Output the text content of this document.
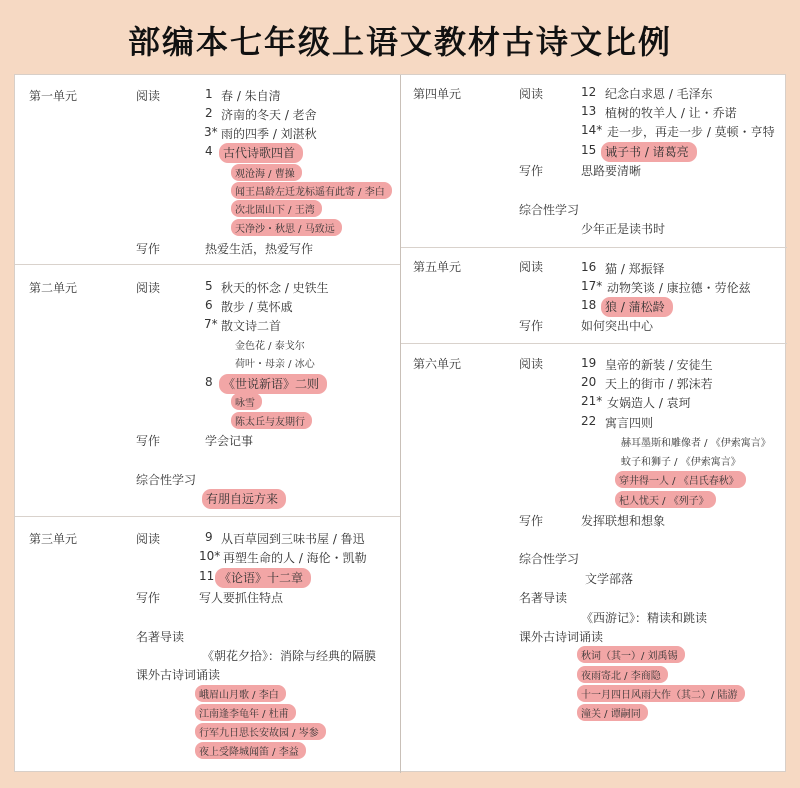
部编本七年级上语文教材古诗文比例
第一单元	阅读	1 春 / 朱自清
2 济南的冬天 / 老舍
3* 雨的四季 / 刘湛秋
4 古代诗歌四首
观沧海 / 曹操
闻王昌龄左迁龙标遥有此寄 / 李白
次北固山下 / 王湾
天净沙・秋思 / 马致远
写作	热爱生活，热爱写作
第二单元	阅读	5 秋天的怀念 / 史铁生
6 散步 / 莫怀戚
7* 散文诗二首
金色花 / 泰戈尔
荷叶・母亲 / 冰心
8 《世说新语》二则
咏雪
陈太丘与友期行
写作	学会记事
综合性学习
有朋自远方来
第三单元	阅读	9 从百草园到三味书屋 / 鲁迅
10* 再塑生命的人 / 海伦・凯勒
11 《论语》十二章
写作	写人要抓住特点
名著导读
《朝花夕拾》：消除与经典的隔膜
课外古诗词诵读
峨眉山月歌 / 李白
江南逢李龟年 / 杜甫
行军九日思长安故园 / 岑参
夜上受降城闻笛 / 李益
第四单元	阅读	12 纪念白求恩 / 毛泽东
13 植树的牧羊人 / 让・乔诺
14* 走一步，再走一步 / 莫顿・亨特
15 诫子书 / 诸葛亮
写作	思路要清晰
综合性学习
少年正是读书时
第五单元	阅读	16 猫 / 郑振铎
17* 动物笑谈 / 康拉德・劳伦兹
18 狼 / 蒲松龄
写作	如何突出中心
第六单元	阅读	19 皇帝的新装 / 安徒生
20 天上的街市 / 郭沫若
21* 女娲造人 / 袁珂
22 寓言四则
赫耳墨斯和雕像者 / 《伊索寓言》
蚊子和狮子 / 《伊索寓言》
穿井得一人 / 《吕氏春秋》
杞人忧天 / 《列子》
写作	发挥联想和想象
综合性学习
文学部落
名著导读
《西游记》：精读和跳读
课外古诗词诵读
秋词（其一）/ 刘禹锡
夜雨寄北 / 李商隐
十一月四日风雨大作（其二）/ 陆游
潼关 / 谭嗣同
